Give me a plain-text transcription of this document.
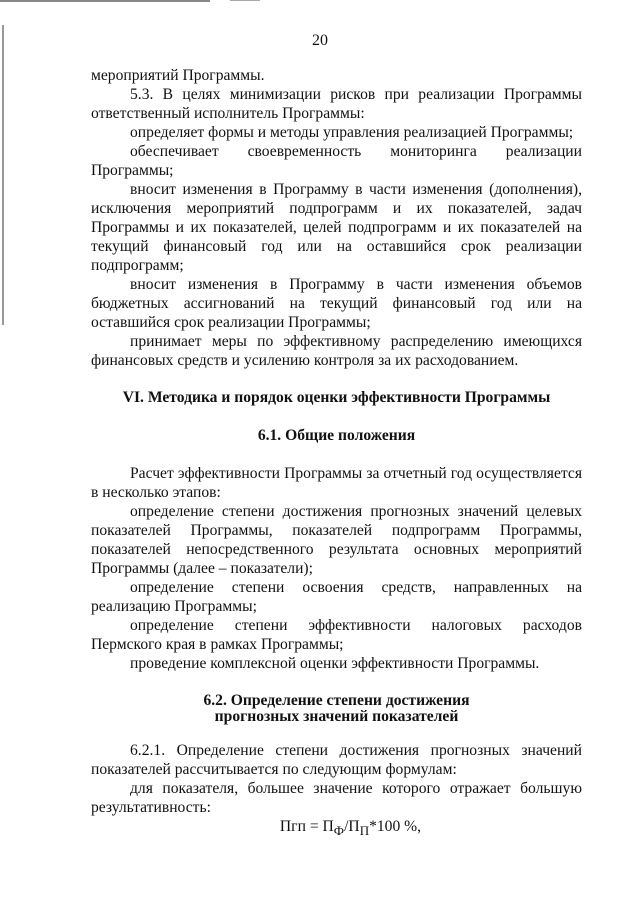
20

мероприятий Программы.

5.3. В целях минимизации рисков при реализации Программы ответственный исполнитель Программы:

определяет формы и методы управления реализацией Программы;

обеспечивает своевременность мониторинга реализации Программы;

вносит изменения в Программу в части изменения (дополнения), исключения мероприятий подпрограмм и их показателей, задач Программы и их показателей, целей подпрограмм и их показателей на текущий финансовый год или на оставшийся срок реализации подпрограмм;

вносит изменения в Программу в части изменения объемов бюджетных ассигнований на текущий финансовый год или на оставшийся срок реализации Программы;

принимает меры по эффективному распределению имеющихся финансовых средств и усилению контроля за их расходованием.

VI. Методика и порядок оценки эффективности Программы
6.1. Общие положения

Расчет эффективности Программы за отчетный год осуществляется в несколько этапов:

определение степени достижения прогнозных значений целевых показателей Программы, показателей подпрограмм Программы, показателей непосредственного результата основных мероприятий Программы (далее – показатели);

определение степени освоения средств, направленных на реализацию Программы;

определение степени эффективности налоговых расходов Пермского края в рамках Программы;

проведение комплексной оценки эффективности Программы.

6.2. Определение степени достижения
прогнозных значений показателей

6.2.1. Определение степени достижения прогнозных значений показателей рассчитывается по следующим формулам:

для показателя, большее значение которого отражает большую результативность:

Пгп = $П_Ф/П_П*100$ %,
